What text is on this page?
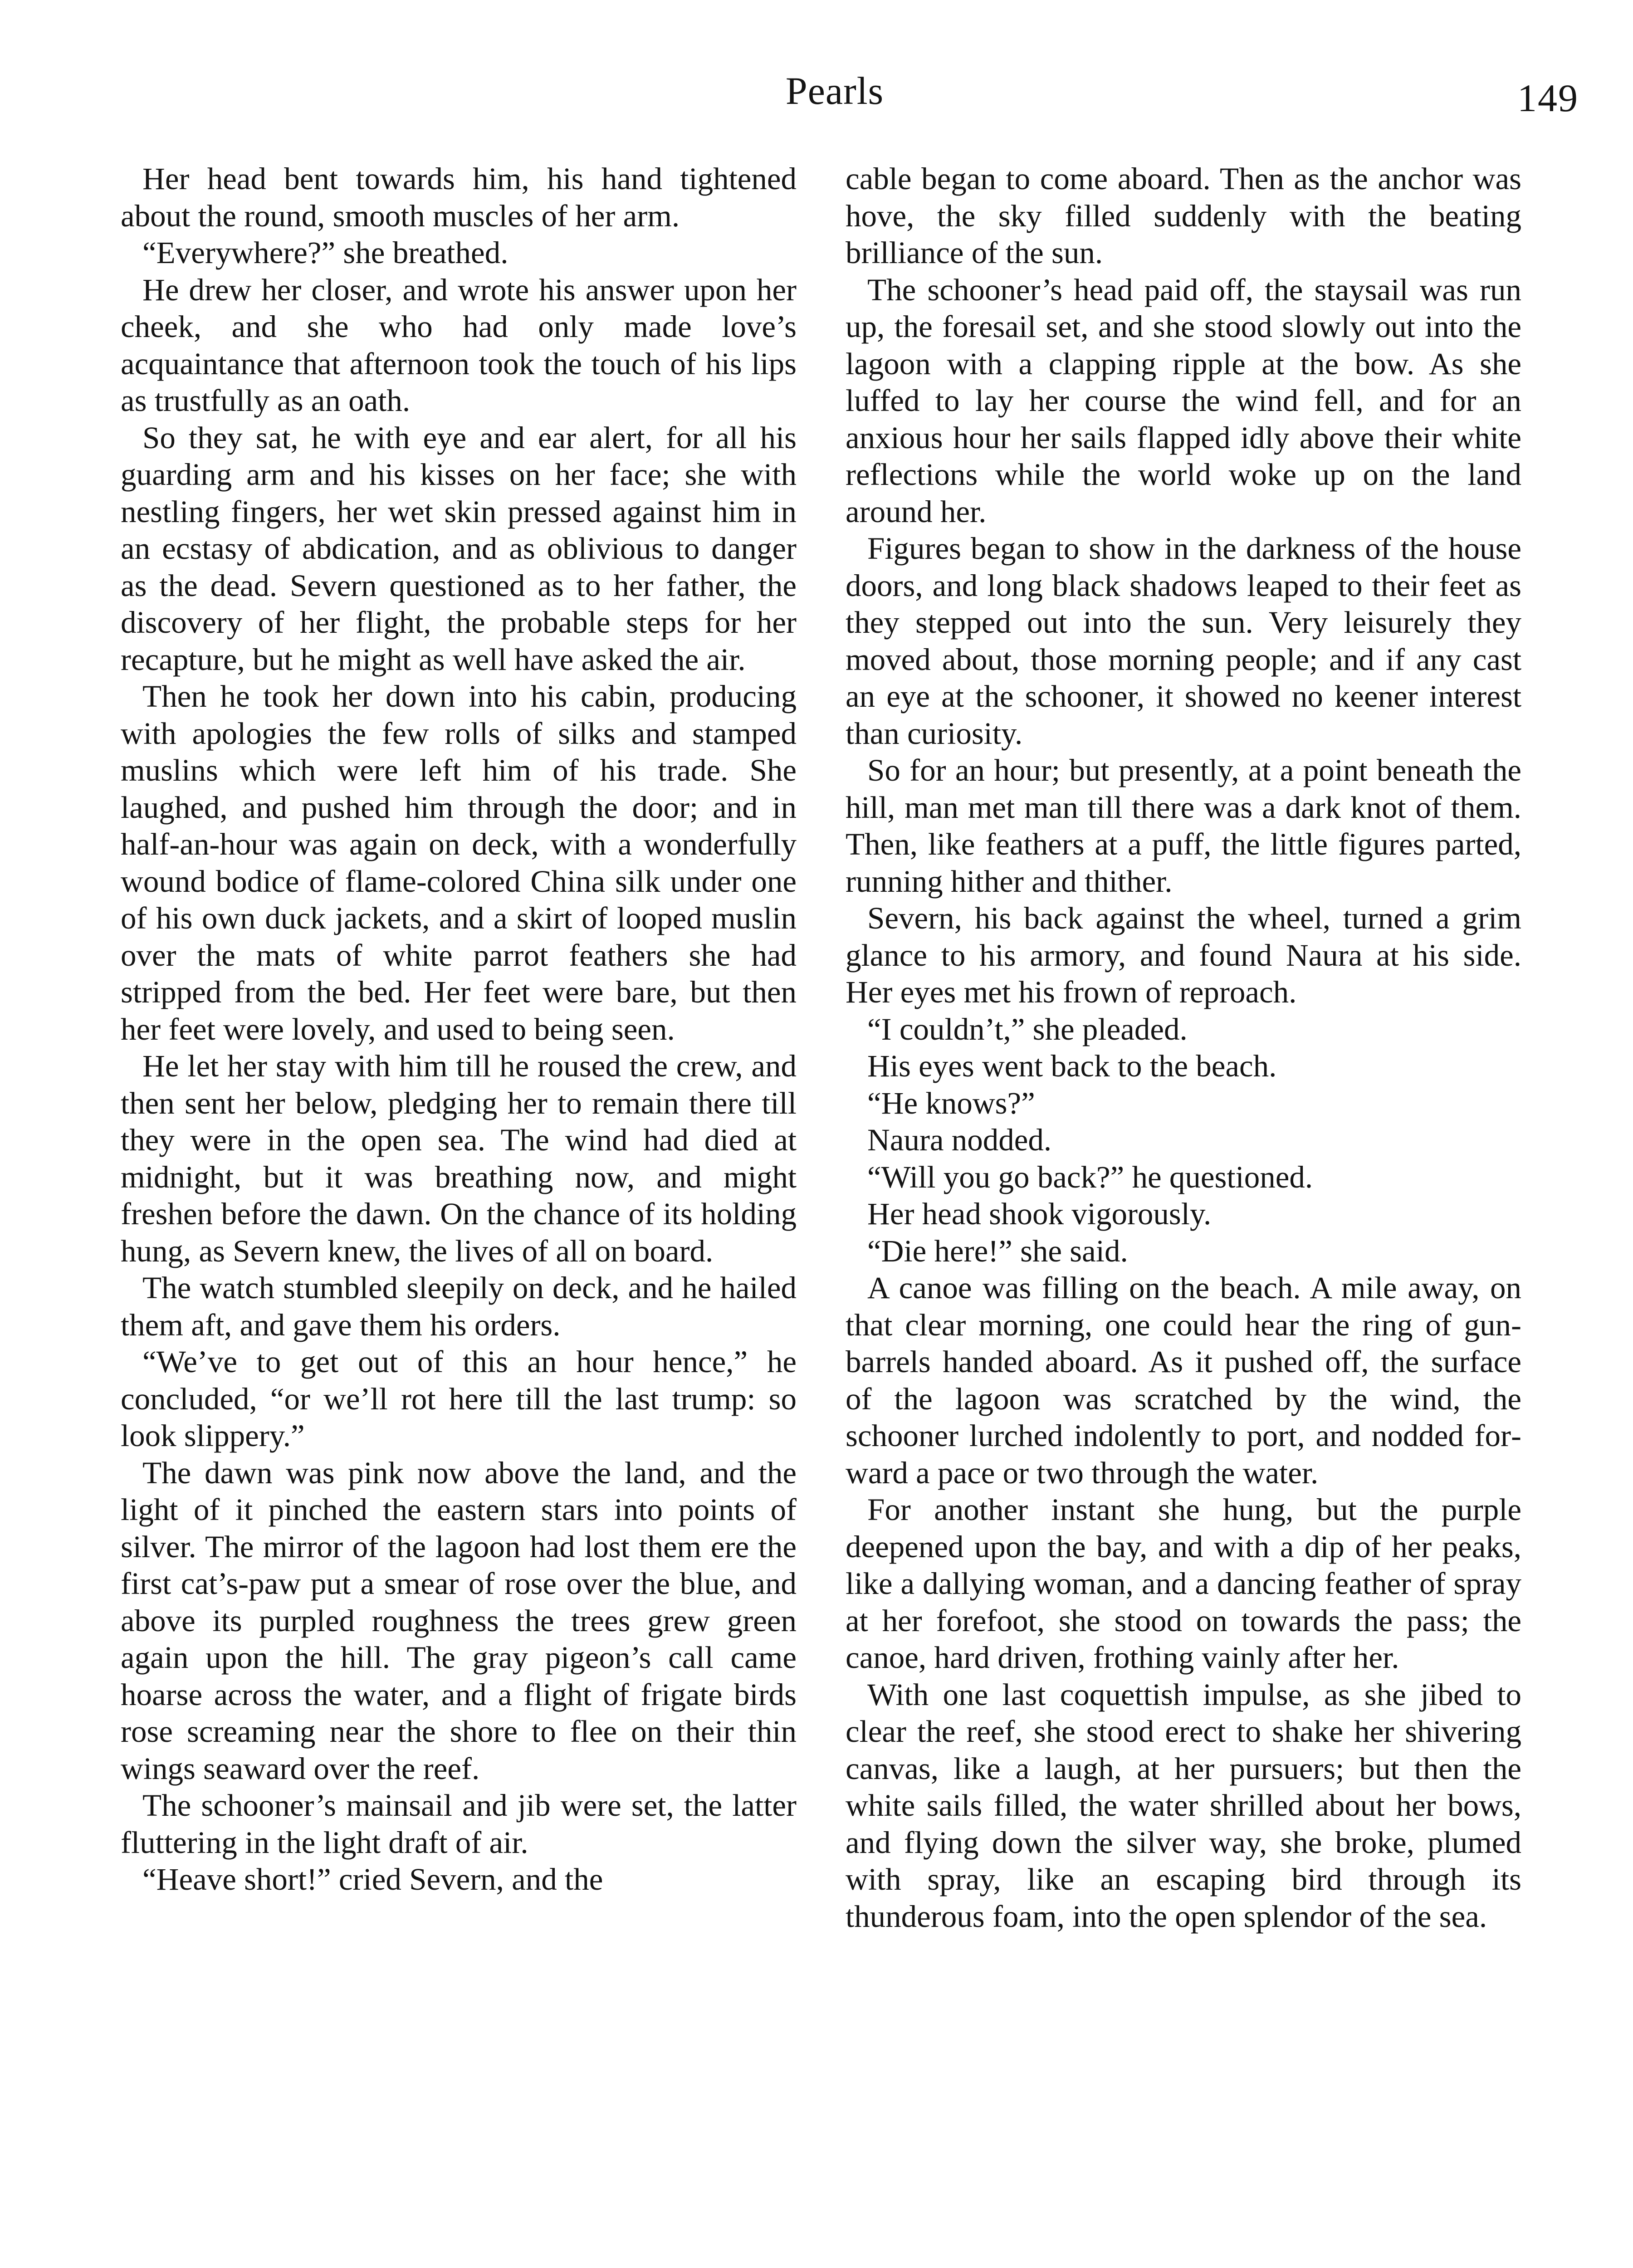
Pearls	149

Her head bent towards him, his hand tightened about the round, smooth muscles of her arm.

“Everywhere?” she breathed.

He drew her closer, and wrote his answer upon her cheek, and she who had only made love’s acquaintance that afternoon took the touch of his lips as trustfully as an oath.

So they sat, he with eye and ear alert, for all his guarding arm and his kisses on her face; she with nestling fingers, her wet skin pressed against him in an ecstasy of abdication, and as oblivious to danger as the dead. Severn questioned as to her father, the discovery of her flight, the probable steps for her recapture, but he might as well have asked the air.

Then he took her down into his cabin, producing with apologies the few rolls of silks and stamped muslins which were left him of his trade. She laughed, and pushed him through the door; and in half-an-hour was again on deck, with a wonderfully wound bodice of flame-colored China silk under one of his own duck jackets, and a skirt of looped muslin over the mats of white parrot feathers she had stripped from the bed. Her feet were bare, but then her feet were lovely, and used to being seen.

He let her stay with him till he roused the crew, and then sent her below, pledging her to remain there till they were in the open sea. The wind had died at midnight, but it was breathing now, and might freshen before the dawn. On the chance of its holding hung, as Severn knew, the lives of all on board.

The watch stumbled sleepily on deck, and he hailed them aft, and gave them his orders.

“We’ve to get out of this an hour hence,” he concluded, “or we’ll rot here till the last trump: so look slippery.”

The dawn was pink now above the land, and the light of it pinched the eastern stars into points of silver. The mirror of the lagoon had lost them ere the first cat’s-paw put a smear of rose over the blue, and above its purpled roughness the trees grew green again upon the hill. The gray pigeon’s call came hoarse across the water, and a flight of frigate birds rose screaming near the shore to flee on their thin wings seaward over the reef.

The schooner’s mainsail and jib were set, the latter fluttering in the light draft of air.

“Heave short!” cried Severn, and the

cable began to come aboard. Then as the anchor was hove, the sky filled suddenly with the beating brilliance of the sun.

The schooner’s head paid off, the staysail was run up, the foresail set, and she stood slowly out into the lagoon with a clapping ripple at the bow. As she luffed to lay her course the wind fell, and for an anxious hour her sails flapped idly above their white reflections while the world woke up on the land around her.

Figures began to show in the darkness of the house doors, and long black shadows leaped to their feet as they stepped out into the sun. Very leisurely they moved about, those morning people; and if any cast an eye at the schooner, it showed no keener interest than curiosity.

So for an hour; but presently, at a point beneath the hill, man met man till there was a dark knot of them. Then, like feathers at a puff, the little figures parted, running hither and thither.

Severn, his back against the wheel, turned a grim glance to his armory, and found Naura at his side. Her eyes met his frown of reproach.

“I couldn’t,” she pleaded.

His eyes went back to the beach.

“He knows?”

Naura nodded.

“Will you go back?” he questioned.

Her head shook vigorously.

“Die here!” she said.

A canoe was filling on the beach. A mile away, on that clear morning, one could hear the ring of gun-barrels handed aboard. As it pushed off, the surface of the lagoon was scratched by the wind, the schooner lurched indolently to port, and nodded forward a pace or two through the water.

For another instant she hung, but the purple deepened upon the bay, and with a dip of her peaks, like a dallying woman, and a dancing feather of spray at her forefoot, she stood on towards the pass; the canoe, hard driven, frothing vainly after her.

With one last coquettish impulse, as she jibed to clear the reef, she stood erect to shake her shivering canvas, like a laugh, at her pursuers; but then the white sails filled, the water shrilled about her bows, and flying down the silver way, she broke, plumed with spray, like an escaping bird through its thunderous foam, into the open splendor of the sea.
